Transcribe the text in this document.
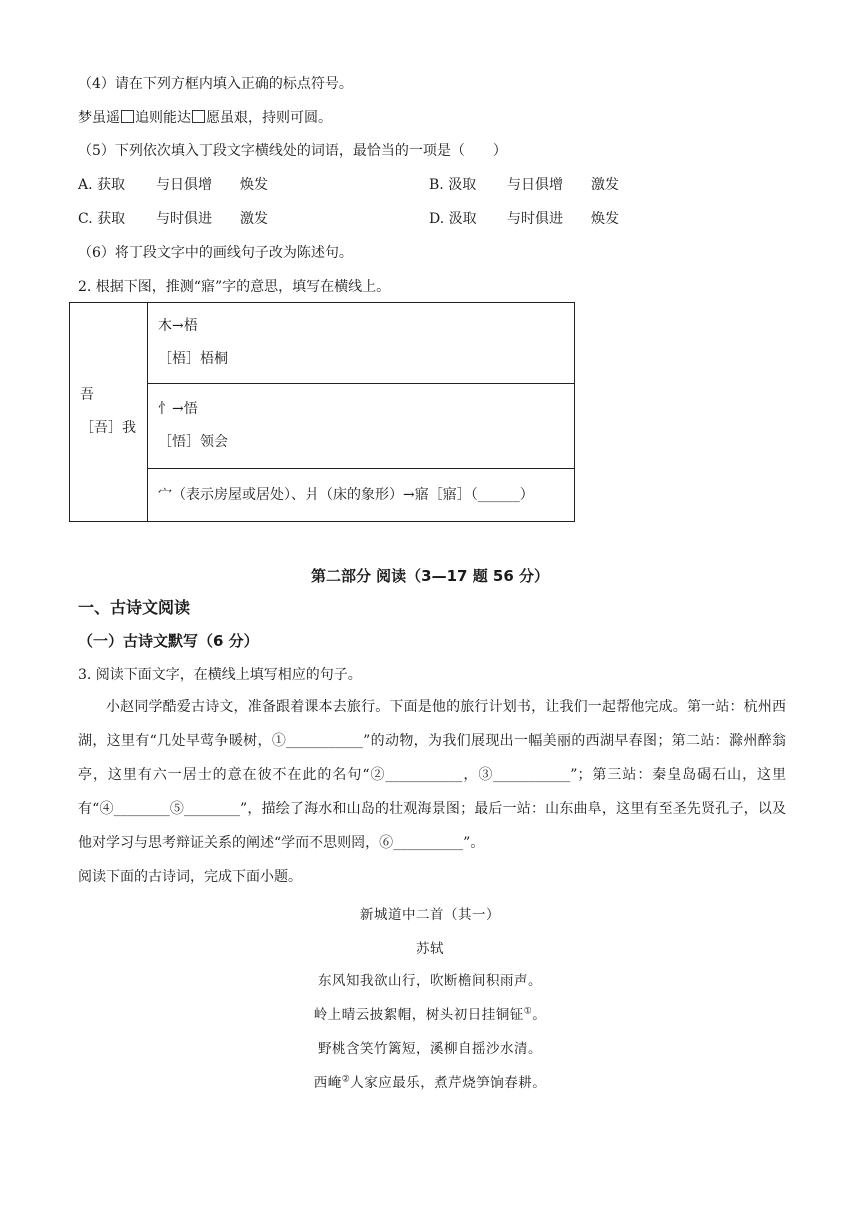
（4）请在下列方框内填入正确的标点符号。
梦虽遥 追则能达 愿虽艰，持则可圆。
（5）下列依次填入丁段文字横线处的词语，最恰当的一项是（　　）
A. 获取 与日俱增 焕发	B. 汲取 与日俱增 激发
C. 获取 与时俱进 激发	D. 汲取 与时俱进 焕发
（6）将丁段文字中的画线句子改为陈述句。
2. 根据下图，推测“寤”字的意思，填写在横线上。
吾
［吾］我

木→梧
［梧］梧桐

忄→悟
［悟］领会

宀（表示房屋或居处）、爿（床的象形）→寤［寤］（______）
第二部分 阅读（3—17 题 56 分）
一、古诗文阅读
（一）古诗文默写（6 分）
3. 阅读下面文字，在横线上填写相应的句子。
小赵同学酷爱古诗文，准备跟着课本去旅行。下面是他的旅行计划书，让我们一起帮他完成。第一站：杭州西湖，这里有“几处早莺争暖树，①___________”的动物，为我们展现出一幅美丽的西湖早春图；第二站：滁州醉翁亭，这里有六一居士的意在彼不在此的名句“②___________，③___________”；第三站：秦皇岛碣石山，这里有“④________⑤________”，描绘了海水和山岛的壮观海景图；最后一站：山东曲阜，这里有至圣先贤孔子，以及他对学习与思考辩证关系的阐述“学而不思则罔，⑥__________”。
阅读下面的古诗词，完成下面小题。
新城道中二首（其一）
苏轼
东风知我欲山行，吹断檐间积雨声。
岭上晴云披絮帽，树头初日挂铜钲①。
野桃含笑竹篱短，溪柳自摇沙水清。
西崦②人家应最乐，煮芹烧笋饷春耕。
